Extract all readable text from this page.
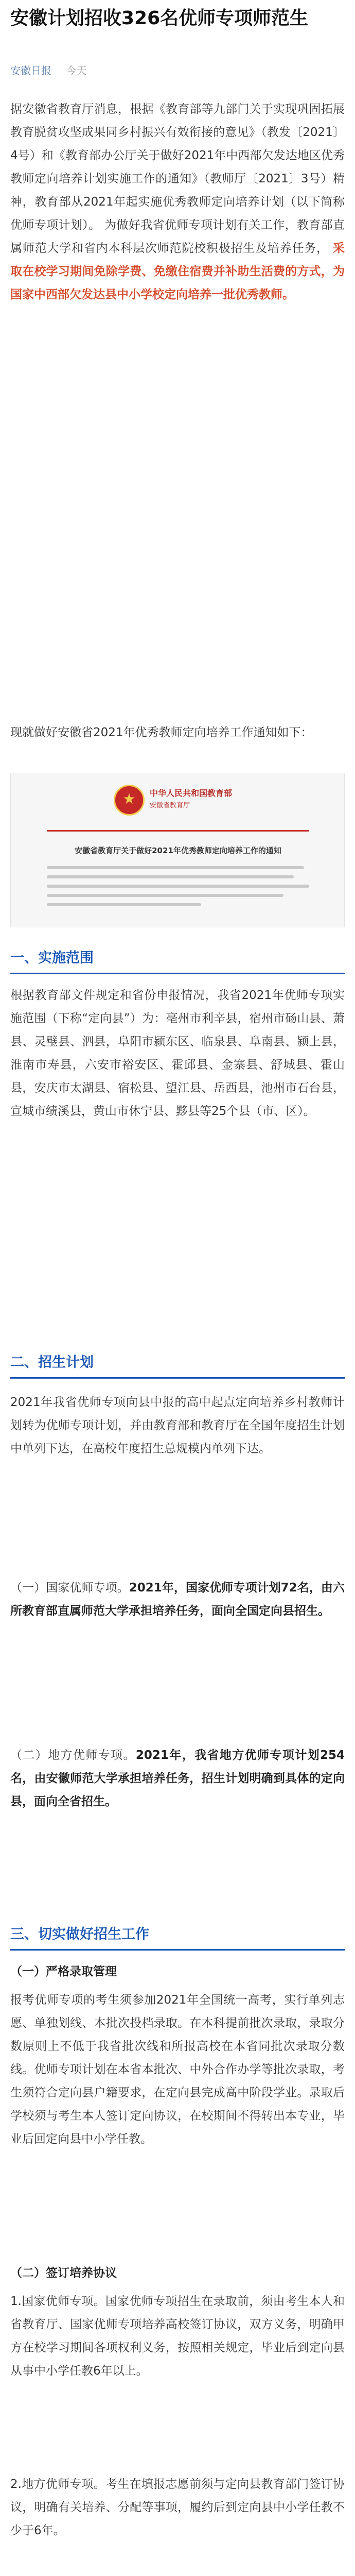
安徽计划招收326名优师专项师范生
安徽日报 今天

据安徽省教育厅消息，根据《教育部等九部门关于实现巩固拓展教育脱贫攻坚成果同乡村振兴有效衔接的意见》（教发〔2021〕4号）和《教育部办公厅关于做好2021年中西部欠发达地区优秀教师定向培养计划实施工作的通知》（教师厅〔2021〕3号）精神，教育部从2021年起实施优秀教师定向培养计划（以下简称优师专项计划）。 为做好我省优师专项计划有关工作，教育部直属师范大学和省内本科层次师范院校积极招生及培养任务， 采取在校学习期间免除学费、免缴住宿费并补助生活费的方式，为国家中西部欠发达县中小学校定向培养一批优秀教师。

现就做好安徽省2021年优秀教师定向培养工作通知如下：

★
中华人民共和国教育部
安徽省教育厅
安徽省教育厅关于做好2021年优秀教师定向培养工作的通知
一、实施范围

根据教育部文件规定和省份申报情况，我省2021年优师专项实施范围（下称“定向县”）为：亳州市利辛县，宿州市砀山县、萧县、灵璧县、泗县，阜阳市颍东区、临泉县、阜南县、颍上县，淮南市寿县，六安市裕安区、霍邱县、金寨县、舒城县、霍山县，安庆市太湖县、宿松县、望江县、岳西县，池州市石台县，宣城市绩溪县，黄山市休宁县、黟县等25个县（市、区）。

二、招生计划

2021年我省优师专项向县中报的高中起点定向培养乡村教师计划转为优师专项计划，并由教育部和教育厅在全国年度招生计划中单列下达，在高校年度招生总规模内单列下达。

（一）国家优师专项。2021年，国家优师专项计划72名，由六所教育部直属师范大学承担培养任务，面向全国定向县招生。

（二）地方优师专项。2021年，我省地方优师专项计划254名，由安徽师范大学承担培养任务，招生计划明确到具体的定向县，面向全省招生。

三、切实做好招生工作

（一）严格录取管理

报考优师专项的考生须参加2021年全国统一高考，实行单列志愿、单独划线、本批次投档录取。在本科提前批次录取，录取分数原则上不低于我省批次线和所报高校在本省同批次录取分数线。优师专项计划在本省本批次、中外合作办学等批次录取，考生须符合定向县户籍要求，在定向县完成高中阶段学业。录取后学校须与考生本人签订定向协议，在校期间不得转出本专业，毕业后回定向县中小学任教。

（二）签订培养协议

1.国家优师专项。国家优师专项招生在录取前，须由考生本人和省教育厅、国家优师专项培养高校签订协议，双方义务，明确甲方在校学习期间各项权利义务，按照相关规定，毕业后到定向县从事中小学任教6年以上。

2.地方优师专项。考生在填报志愿前须与定向县教育部门签订协议，明确有关培养、分配等事项，履约后到定向县中小学任教不少于6年。
